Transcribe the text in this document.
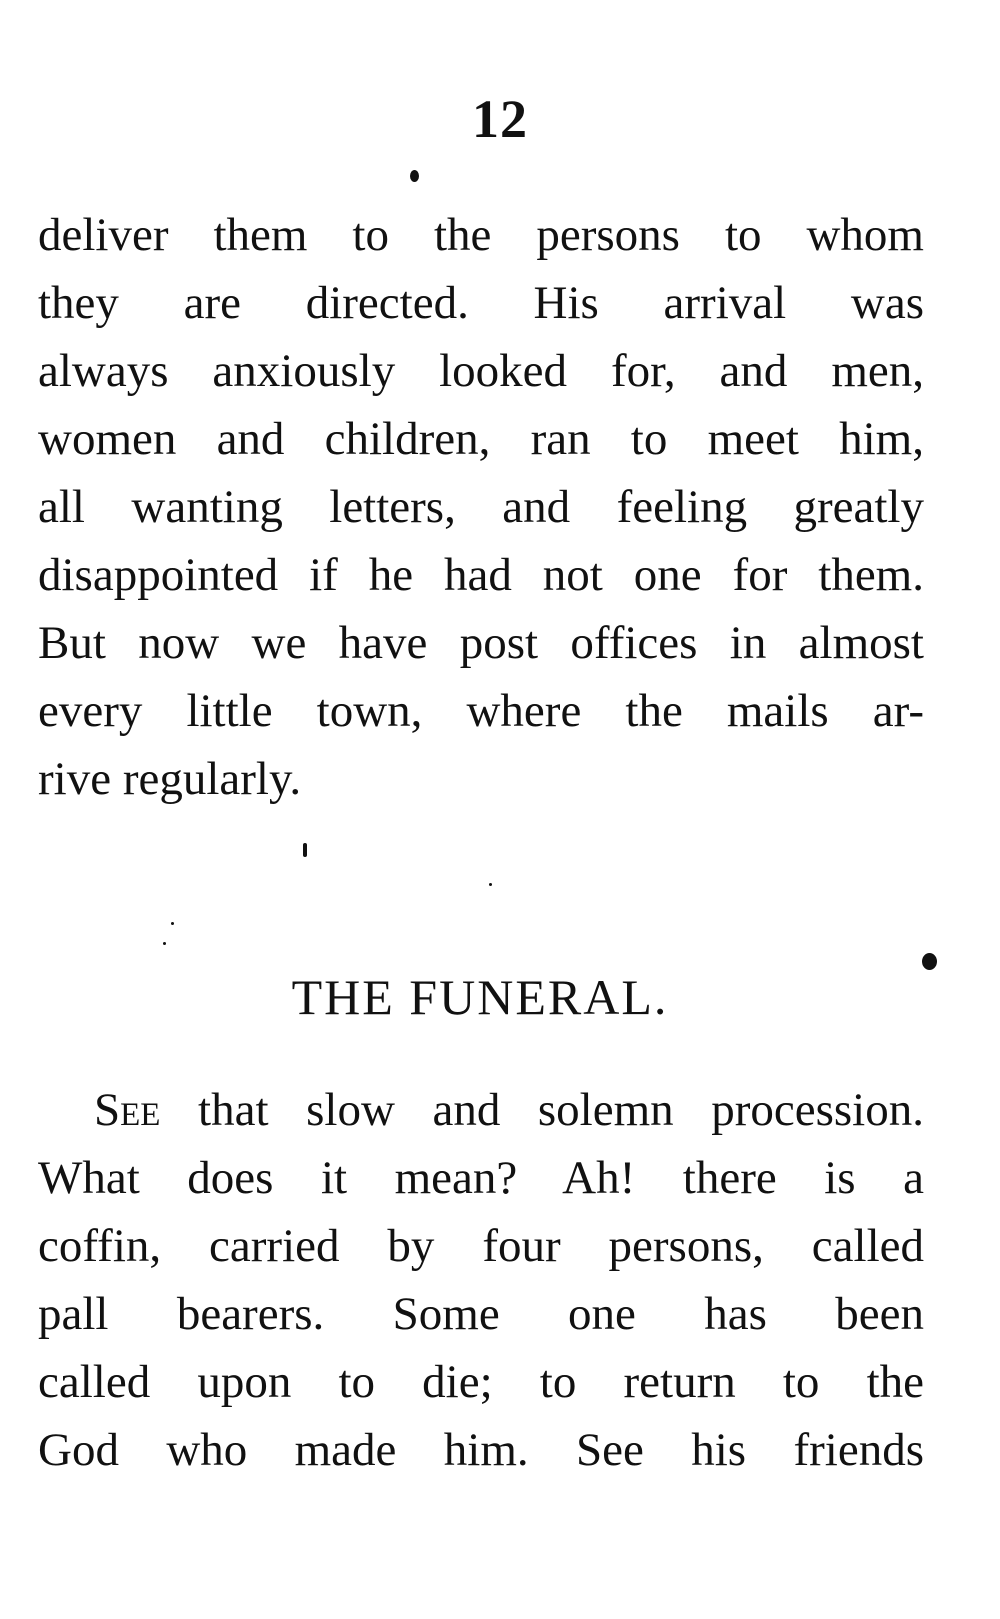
12
deliver them to the persons to whom
they are directed. His arrival was
always anxiously looked for, and men,
women and children, ran to meet him,
all wanting letters, and feeling greatly
disappointed if he had not one for them.
But now we have post offices in almost
every little town, where the mails ar-
rive regularly.
THE FUNERAL.
See that slow and solemn procession.
What does it mean? Ah! there is a
coffin, carried by four persons, called
pall bearers. Some one has been
called upon to die; to return to the
God who made him. See his friends
